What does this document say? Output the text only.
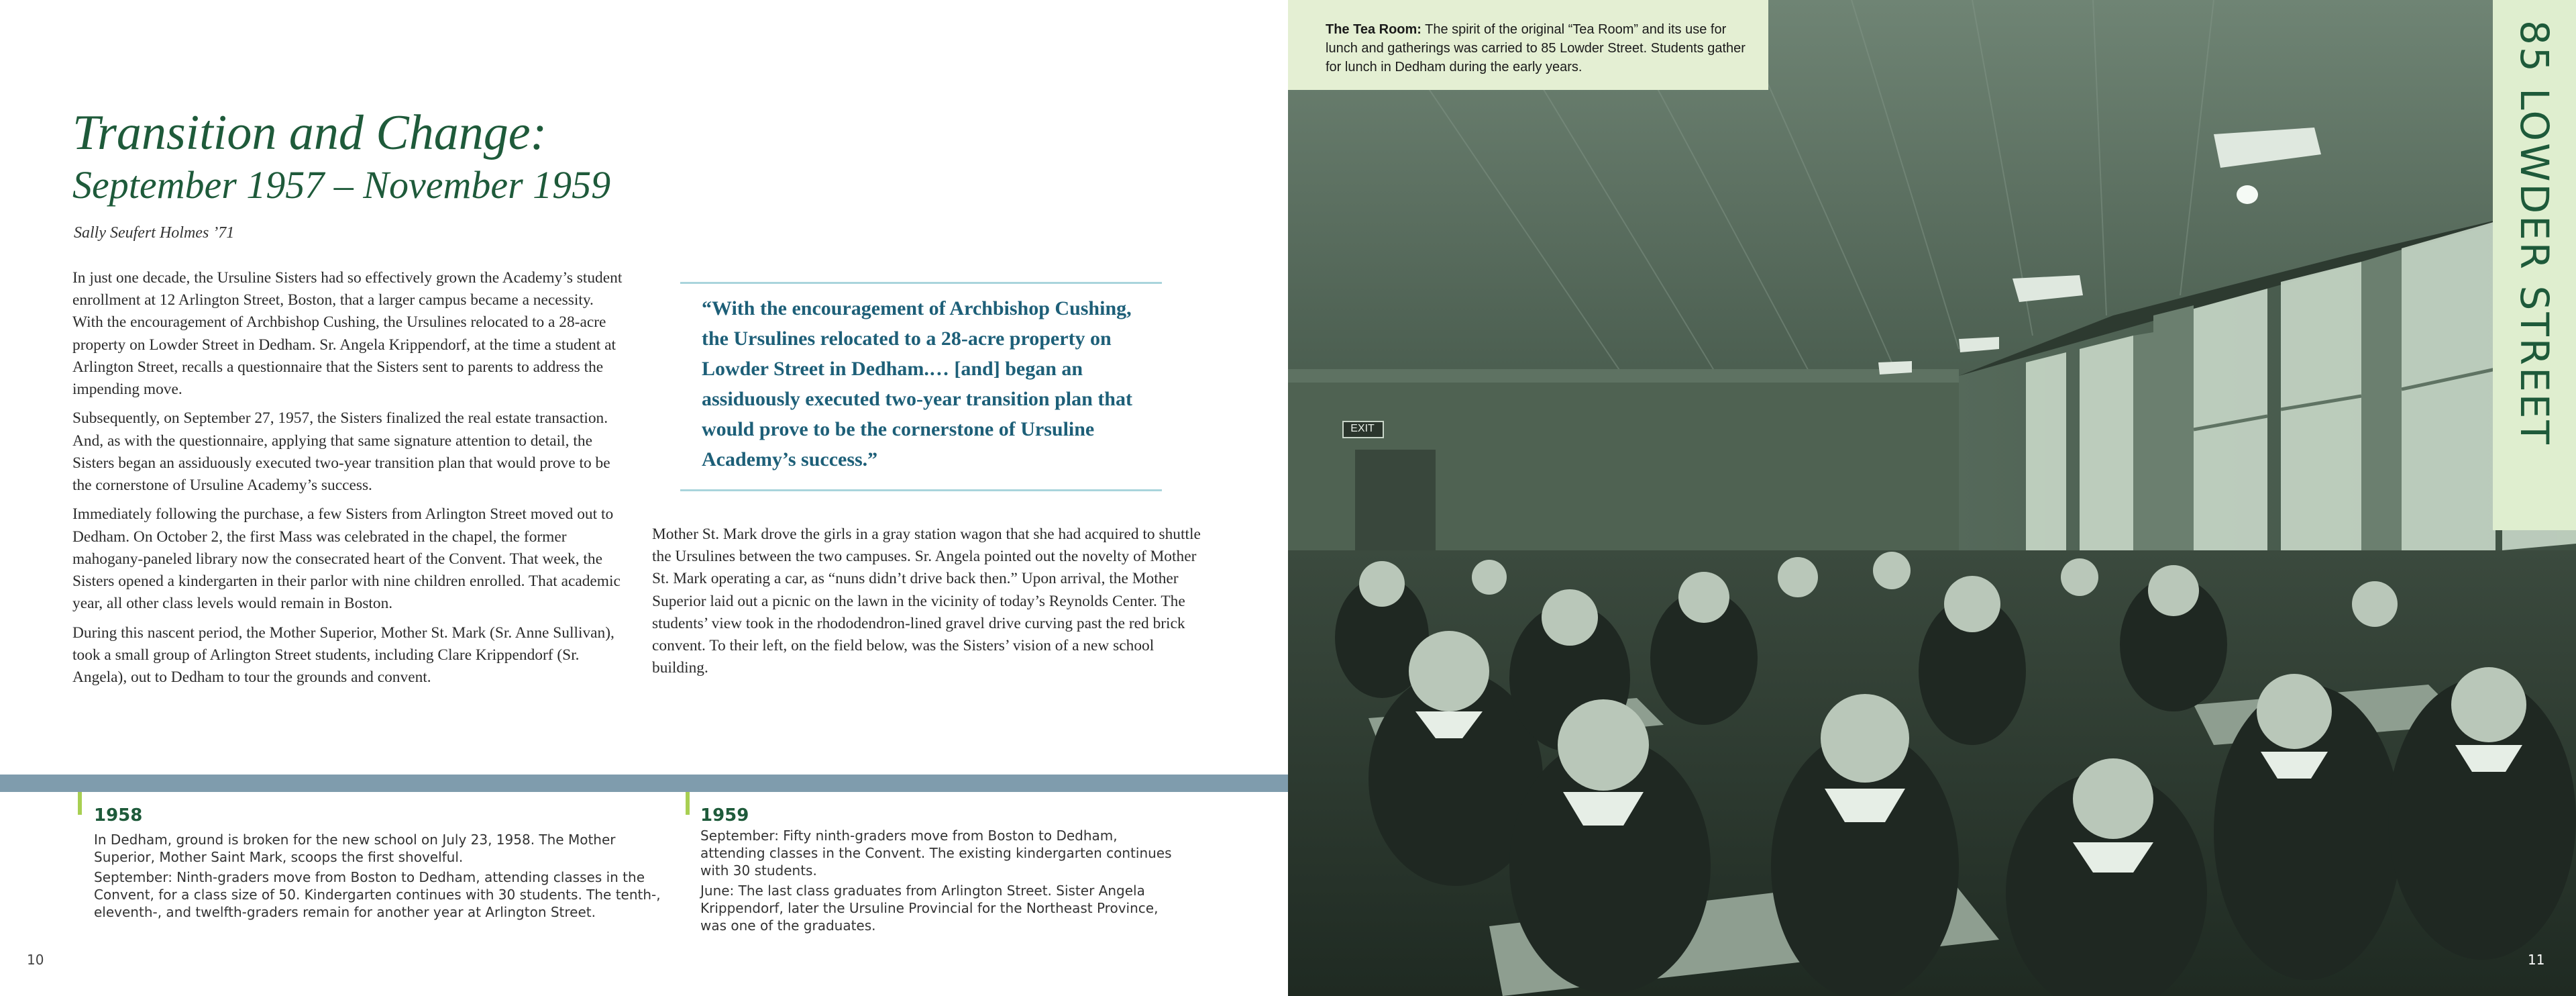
Transition and Change:
September 1957 – November 1959
Sally Seufert Holmes ’71

In just one decade, the Ursuline Sisters had so effectively grown the Academy’s student enrollment at 12 Arlington Street, Boston, that a larger campus became a necessity. With the encouragement of Archbishop Cushing, the Ursulines relocated to a 28-acre property on Lowder Street in Dedham. Sr. Angela Krippendorf, at the time a student at Arlington Street, recalls a questionnaire that the Sisters sent to parents to address the impending move.

Subsequently, on September 27, 1957, the Sisters finalized the real estate transaction. And, as with the questionnaire, applying that same signature attention to detail, the Sisters began an assiduously executed two-year transition plan that would prove to be the cornerstone of Ursuline Academy’s success.

Immediately following the purchase, a few Sisters from Arlington Street moved out to Dedham. On October 2, the first Mass was celebrated in the chapel, the former mahogany-paneled library now the consecrated heart of the Convent. That week, the Sisters opened a kindergarten in their parlor with nine children enrolled. That academic year, all other class levels would remain in Boston.

During this nascent period, the Mother Superior, Mother St. Mark (Sr. Anne Sullivan), took a small group of Arlington Street students, including Clare Krippendorf (Sr. Angela), out to Dedham to tour the grounds and convent.

“With the encouragement of Archbishop Cushing, the Ursulines relocated to a 28-acre property on Lowder Street in Dedham.… [and] began an assiduously executed two-year transition plan that would prove to be the cornerstone of Ursuline Academy’s success.”

Mother St. Mark drove the girls in a gray station wagon that she had acquired to shuttle the Ursulines between the two campuses. Sr. Angela pointed out the novelty of Mother St. Mark operating a car, as “nuns didn’t drive back then.” Upon arrival, the Mother Superior laid out a picnic on the lawn in the vicinity of today’s Reynolds Center. The students’ view took in the rhododendron-lined gravel drive curving past the red brick convent. To their left, on the field below, was the Sisters’ vision of a new school building.

1958
In Dedham, ground is broken for the new school on July 23, 1958. The Mother Superior, Mother Saint Mark, scoops the first shovelful.
September: Ninth-graders move from Boston to Dedham, attending classes in the Convent, for a class size of 50. Kindergarten continues with 30 students. The tenth-, eleventh-, and twelfth-graders remain for another year at Arlington Street.
1959
September: Fifty ninth-graders move from Boston to Dedham, attending classes in the Convent. The existing kindergarten continues with 30 students.
June: The last class graduates from Arlington Street. Sister Angela Krippendorf, later the Ursuline Provincial for the Northeast Province, was one of the graduates.
10
EXIT
The Tea Room: The spirit of the original “Tea Room” and its use for lunch and gatherings was carried to 85 Lowder Street. Students gather for lunch in Dedham during the early years.	85 LOWDER STREET
11
